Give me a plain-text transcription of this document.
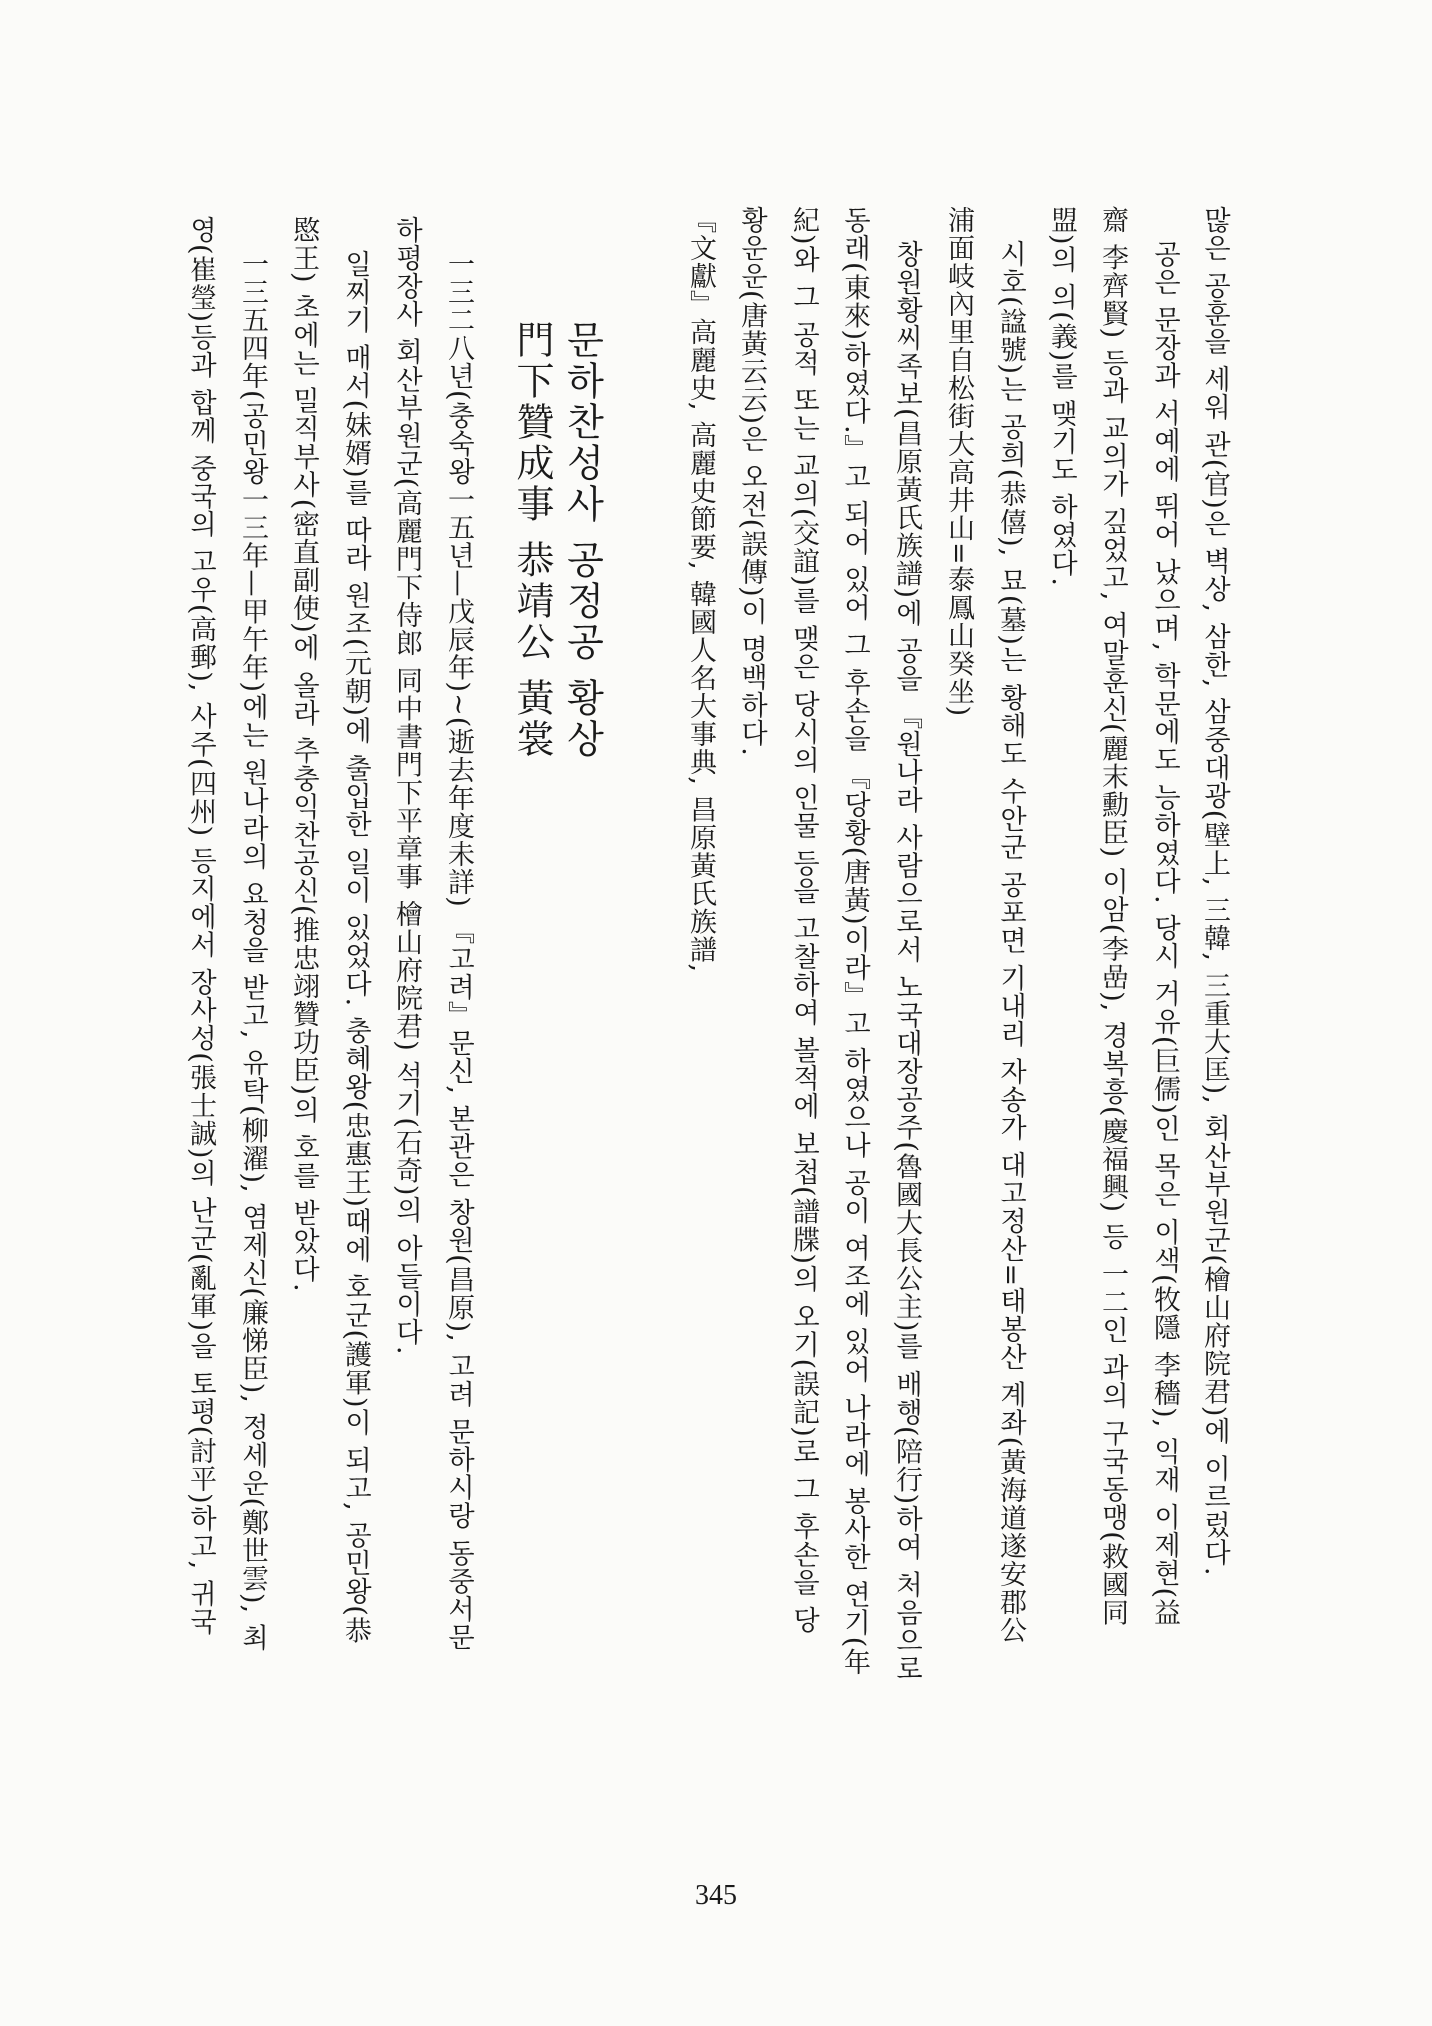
많은 공훈을 세워 관(官)은 벽상, 삼한, 삼중대광(壁上, 三韓, 三重大匡), 회산부원군(檜山府院君)에 이르렀다.

공은 문장과 서예에 뛰어 났으며, 학문에도 능하였다. 당시 거유(巨儒)인 목은 이색(牧隱 李穡), 익재 이제현(益

齋 李齊賢) 등과 교의가 깊었고, 여말훈신(麗末勳臣) 이암(李嵒), 경복흥(慶福興) 등 一二인 과의 구국동맹(救國同

盟)의 의(義)를 맺기도 하였다.

시호(諡號)는 공희(恭僖), 묘(墓)는 황해도 수안군 공포면 기내리 자송가 대고정산=태봉산 계좌(黃海道遂安郡公

浦面岐內里自松街大高井山=泰鳳山癸坐)

창원황씨족보(昌原黃氏族譜)에 공을 『원나라 사람으로서 노국대장공주(魯國大長公主)를 배행(陪行)하여 처음으로

동래(東來)하였다.』고 되어 있어 그 후손을 『당황(唐黃)이라』고 하였으나 공이 여조에 있어 나라에 봉사한 연기(年

紀)와 그 공적 또는 교의(交誼)를 맺은 당시의 인물 등을 고찰하여 볼적에 보첩(譜牒)의 오기(誤記)로 그 후손을 당

황운운(唐黃云云)은 오전(誤傳)이 명백하다.

『文獻』高麗史, 高麗史節要, 韓國人名大事典, 昌原黃氏族譜,

문하찬성사 공정공 황상
門下贊成事 恭靖公 黃裳

一三二八년(충숙왕一五년—戊辰年)~(逝去年度未詳) 『고려』문신, 본관은 창원(昌原), 고려 문하시랑 동중서문

하평장사 회산부원군(高麗門下侍郎 同中書門下平章事 檜山府院君) 석기(石奇)의 아들이다.

일찌기 매서(妹婿)를 따라 원조(元朝)에 출입한 일이 있었다. 충혜왕(忠惠王)때에 호군(護軍)이 되고, 공민왕(恭

愍王) 초에는 밀직부사(密直副使)에 올라 추충익찬공신(推忠翊贊功臣)의 호를 받았다.

一三五四年(공민왕一三年—甲午年)에는 원나라의 요청을 받고, 유탁(柳濯), 염제신(廉悌臣), 정세운(鄭世雲), 최

영(崔瑩)등과 합께 중국의 고우(高郵), 사주(四州) 등지에서 장사성(張士誠)의 난군(亂軍)을 토평(討平)하고, 귀국

345
